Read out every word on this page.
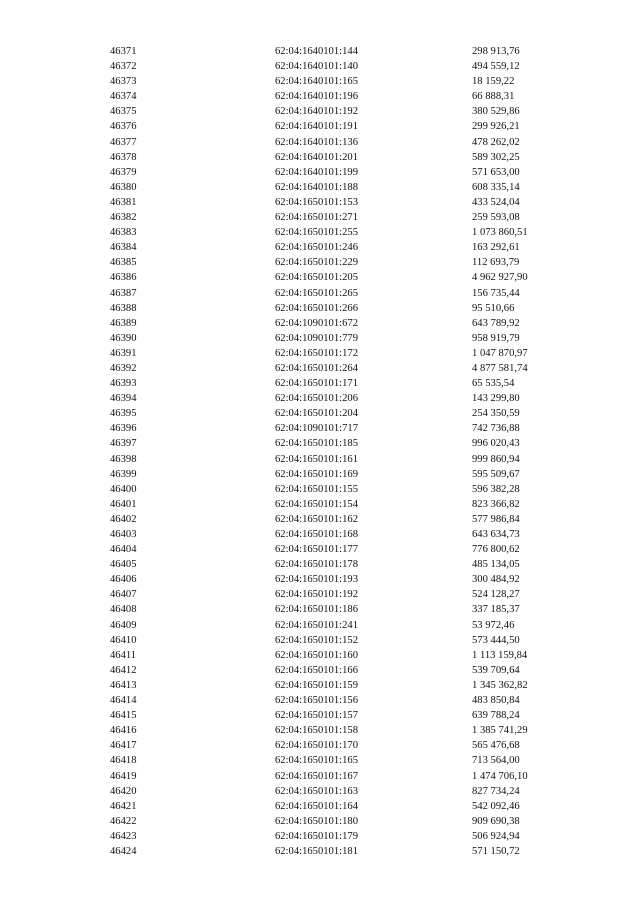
46371	62:04:1640101:144	298 913,76
46372	62:04:1640101:140	494 559,12
46373	62:04:1640101:165	18 159,22
46374	62:04:1640101:196	66 888,31
46375	62:04:1640101:192	380 529,86
46376	62:04:1640101:191	299 926,21
46377	62:04:1640101:136	478 262,02
46378	62:04:1640101:201	589 302,25
46379	62:04:1640101:199	571 653,00
46380	62:04:1640101:188	608 335,14
46381	62:04:1650101:153	433 524,04
46382	62:04:1650101:271	259 593,08
46383	62:04:1650101:255	1 073 860,51
46384	62:04:1650101:246	163 292,61
46385	62:04:1650101:229	112 693,79
46386	62:04:1650101:205	4 962 927,90
46387	62:04:1650101:265	156 735,44
46388	62:04:1650101:266	95 510,66
46389	62:04:1090101:672	643 789,92
46390	62:04:1090101:779	958 919,79
46391	62:04:1650101:172	1 047 870,97
46392	62:04:1650101:264	4 877 581,74
46393	62:04:1650101:171	65 535,54
46394	62:04:1650101:206	143 299,80
46395	62:04:1650101:204	254 350,59
46396	62:04:1090101:717	742 736,88
46397	62:04:1650101:185	996 020,43
46398	62:04:1650101:161	999 860,94
46399	62:04:1650101:169	595 509,67
46400	62:04:1650101:155	596 382,28
46401	62:04:1650101:154	823 366,82
46402	62:04:1650101:162	577 986,84
46403	62:04:1650101:168	643 634,73
46404	62:04:1650101:177	776 800,62
46405	62:04:1650101:178	485 134,05
46406	62:04:1650101:193	300 484,92
46407	62:04:1650101:192	524 128,27
46408	62:04:1650101:186	337 185,37
46409	62:04:1650101:241	53 972,46
46410	62:04:1650101:152	573 444,50
46411	62:04:1650101:160	1 113 159,84
46412	62:04:1650101:166	539 709,64
46413	62:04:1650101:159	1 345 362,82
46414	62:04:1650101:156	483 850,84
46415	62:04:1650101:157	639 788,24
46416	62:04:1650101:158	1 385 741,29
46417	62:04:1650101:170	565 476,68
46418	62:04:1650101:165	713 564,00
46419	62:04:1650101:167	1 474 706,10
46420	62:04:1650101:163	827 734,24
46421	62:04:1650101:164	542 092,46
46422	62:04:1650101:180	909 690,38
46423	62:04:1650101:179	506 924,94
46424	62:04:1650101:181	571 150,72
